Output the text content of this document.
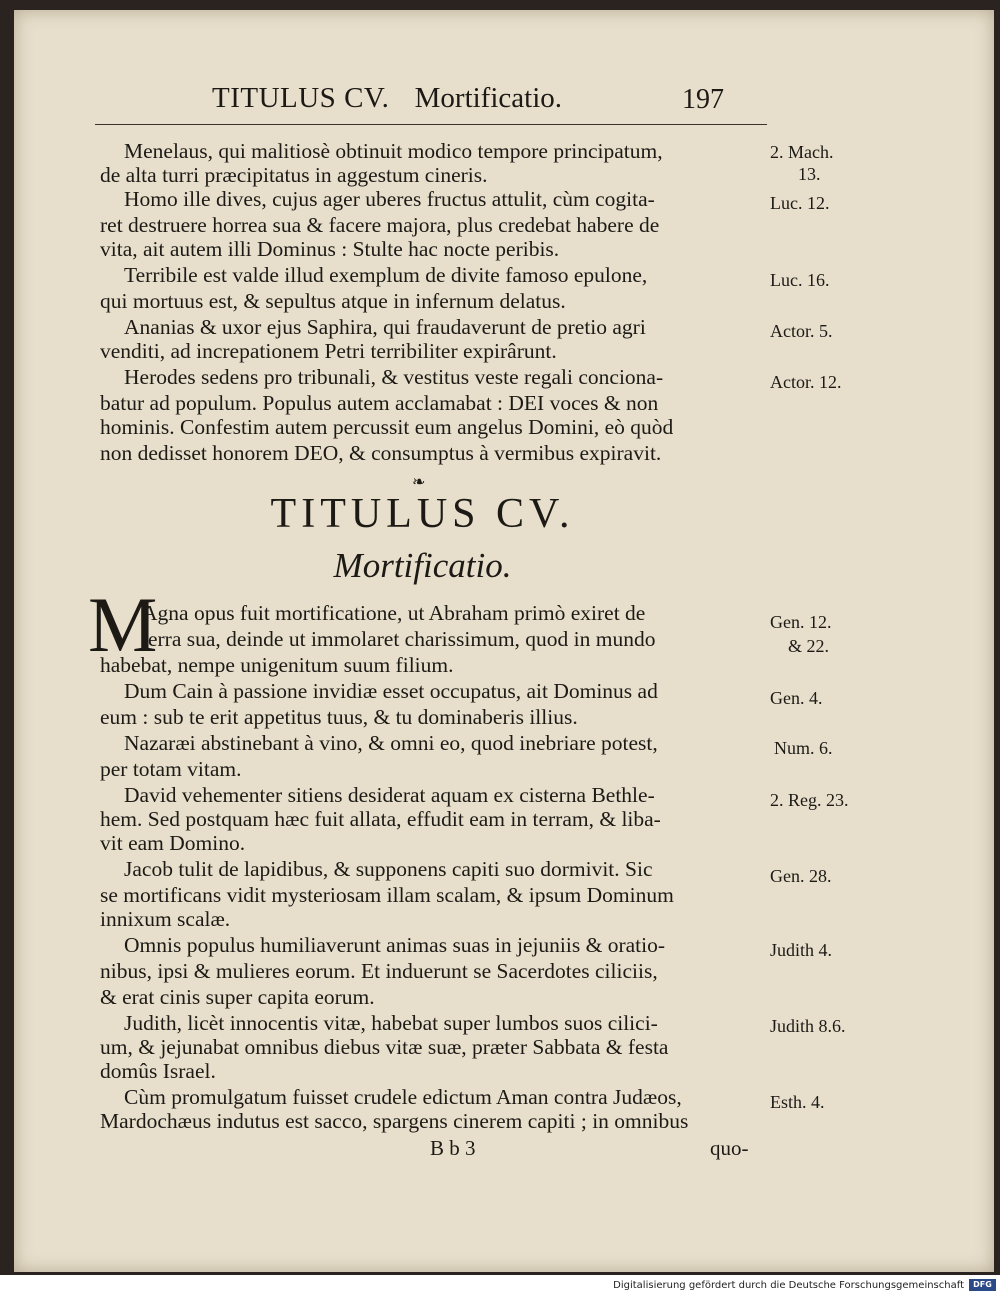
TITULUS CV. Mortificatio.	197
Menelaus, qui malitiosè obtinuit modico tempore principatum,
de alta turri præcipitatus in aggestum cineris.
Homo ille dives, cujus ager uberes fructus attulit, cùm cogita-
ret destruere horrea sua & facere majora, plus credebat habere de
vita, ait autem illi Dominus : Stulte hac nocte peribis.
Terribile est valde illud exemplum de divite famoso epulone,
qui mortuus est, & sepultus atque in infernum delatus.
Ananias & uxor ejus Saphira, qui fraudaverunt de pretio agri
venditi, ad increpationem Petri terribiliter expirârunt.
Herodes sedens pro tribunali, & vestitus veste regali conciona-
batur ad populum. Populus autem acclamabat : DEI voces & non
hominis. Confestim autem percussit eum angelus Domini, eò quòd
non dedisset honorem DEO, & consumptus à vermibus expiravit.
2. Mach.
13.
Luc. 12.
Luc. 16.
Actor. 5.
Actor. 12.
❧
TITULUS CV.
Mortificatio.
M
Agna opus fuit mortificatione, ut Abraham primò exiret de
terra sua, deinde ut immolaret charissimum, quod in mundo
habebat, nempe unigenitum suum filium.
Dum Cain à passione invidiæ esset occupatus, ait Dominus ad
eum : sub te erit appetitus tuus, & tu dominaberis illius.
Nazaræi abstinebant à vino, & omni eo, quod inebriare potest,
per totam vitam.
David vehementer sitiens desiderat aquam ex cisterna Bethle-
hem. Sed postquam hæc fuit allata, effudit eam in terram, & liba-
vit eam Domino.
Jacob tulit de lapidibus, & supponens capiti suo dormivit. Sic
se mortificans vidit mysteriosam illam scalam, & ipsum Dominum
innixum scalæ.
Omnis populus humiliaverunt animas suas in jejuniis & oratio-
nibus, ipsi & mulieres eorum. Et induerunt se Sacerdotes ciliciis,
& erat cinis super capita eorum.
Judith, licèt innocentis vitæ, habebat super lumbos suos cilici-
um, & jejunabat omnibus diebus vitæ suæ, præter Sabbata & festa
domûs Israel.
Cùm promulgatum fuisset crudele edictum Aman contra Judæos,
Mardochæus indutus est sacco, spargens cinerem capiti ; in omnibus
Gen. 12.
& 22.
Gen. 4.
Num. 6.
2. Reg. 23.
Gen. 28.
Judith 4.
Judith 8.6.
Esth. 4.
B b 3	quo-
Digitalisierung gefördert durch die Deutsche Forschungsgemeinschaft	DFG
